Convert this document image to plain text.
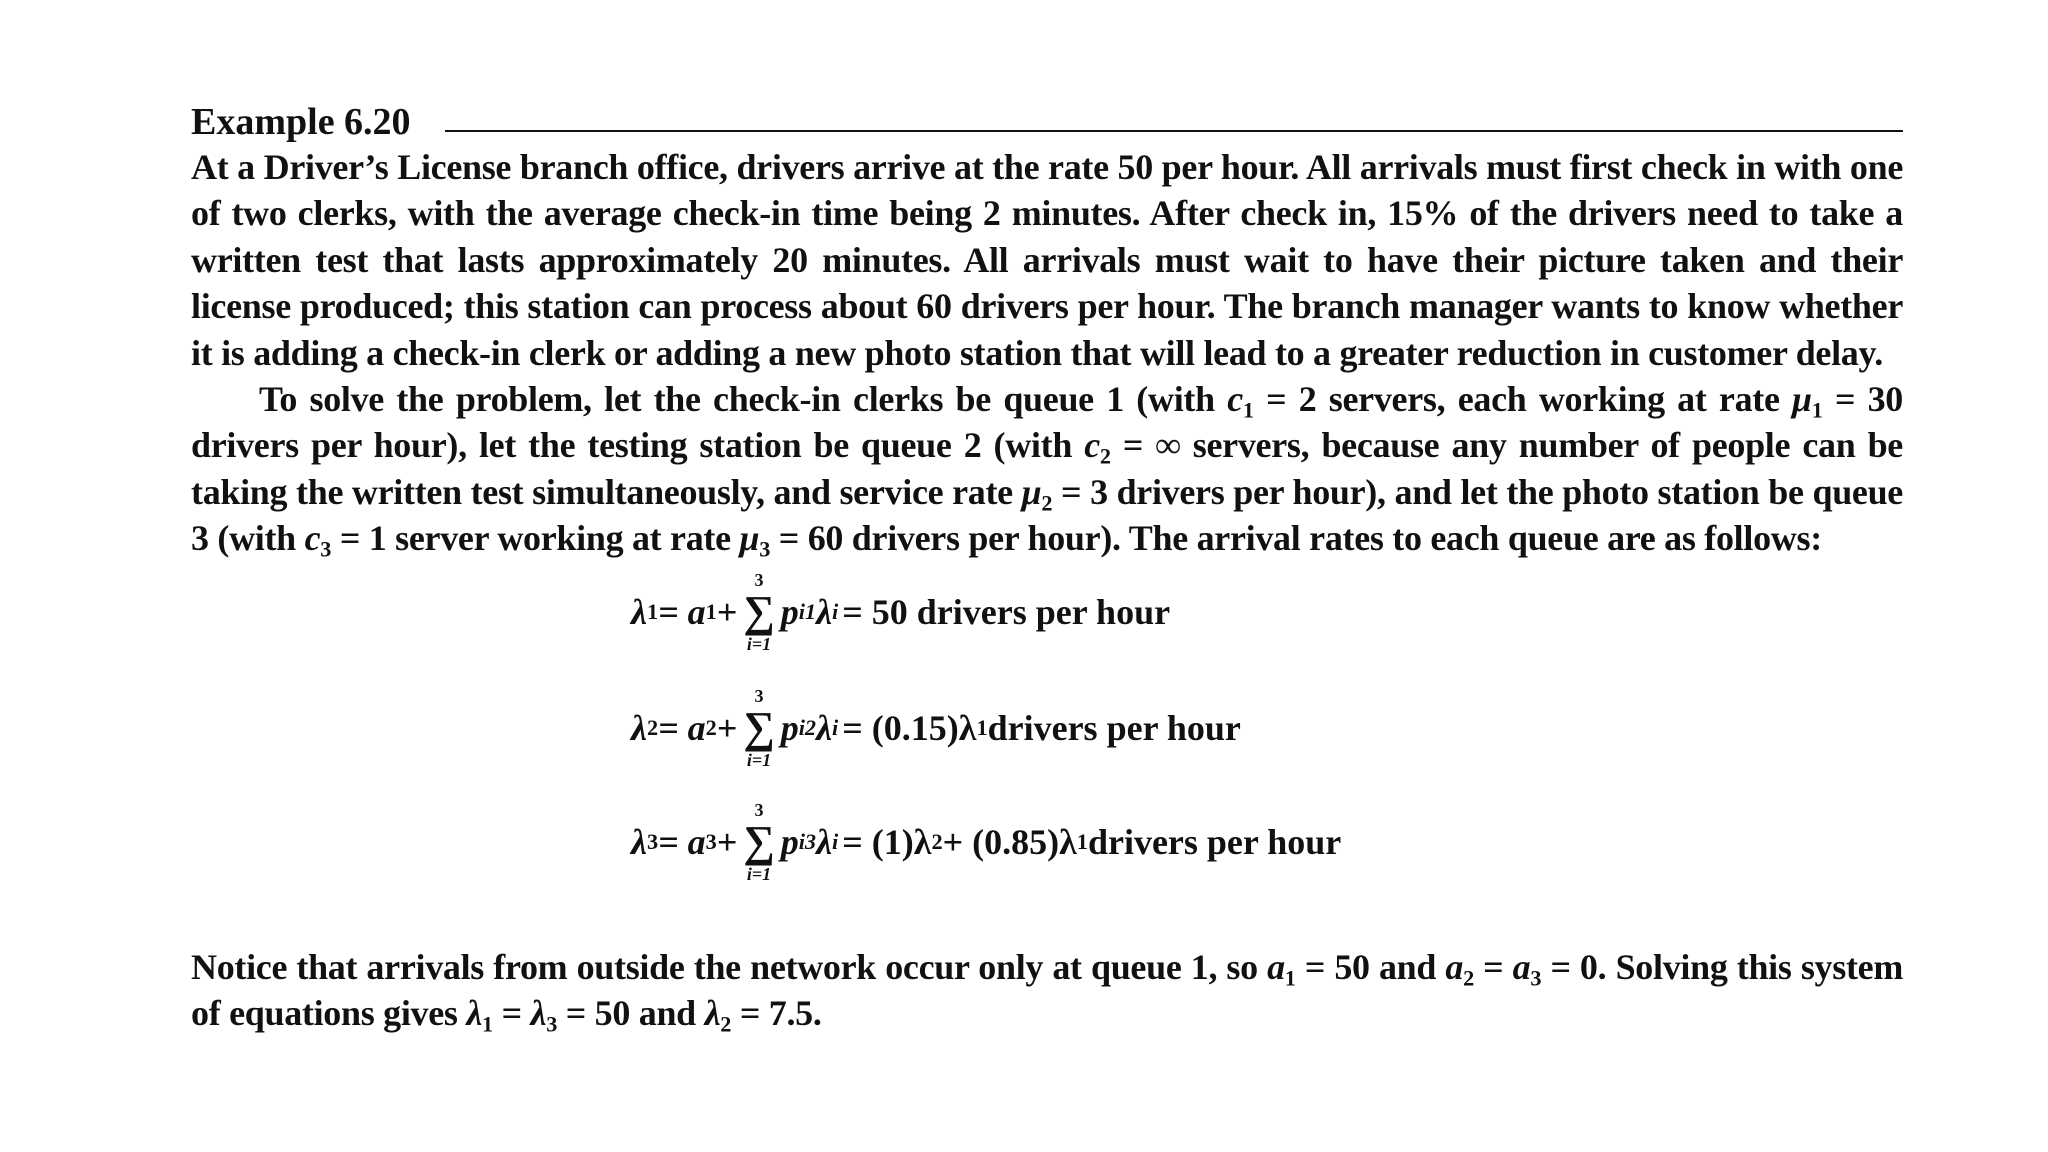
Example 6.20

At a Driver’s License branch office, drivers arrive at the rate 50 per hour. All arrivals must first check in with one of two clerks, with the average check-in time being 2 minutes. After check in, 15% of the drivers need to take a written test that lasts approximately 20 minutes. All arrivals must wait to have their picture taken and their license produced; this station can process about 60 drivers per hour. The branch manager wants to know whether it is adding a check-in clerk or adding a new photo station that will lead to a greater reduction in customer delay.

To solve the problem, let the check-in clerks be queue 1 (with $c_1 = 2$ servers, each working at rate $\mu_1 = 30$ drivers per hour), let the testing station be queue 2 (with $c_2$ = ∞ servers, because any number of people can be taking the written test simultaneously, and service rate $\mu_2 = 3$ drivers per hour), and let the photo station be queue 3 (with $c_3 = 1$ server working at rate $\mu_3 = 60$ drivers per hour). The arrival rates to each queue are as follows:

λ 1 = a 1 +
3
∑
i=1
p i1 λ i = 50 drivers per hour
λ 2 = a 2 +
3
∑
i=1
p i2 λ i = (0.15)λ 1 drivers per hour
λ 3 = a 3 +
3
∑
i=1
p i3 λ i = (1)λ 2 + (0.85)λ 1 drivers per hour

Notice that arrivals from outside the network occur only at queue 1, so $a_1 = 50$ and $a_2 = a_3 = 0$. Solving this system of equations gives $\lambda_1 = \lambda_3 = 50$ and $\lambda_2 = 7.5$.
